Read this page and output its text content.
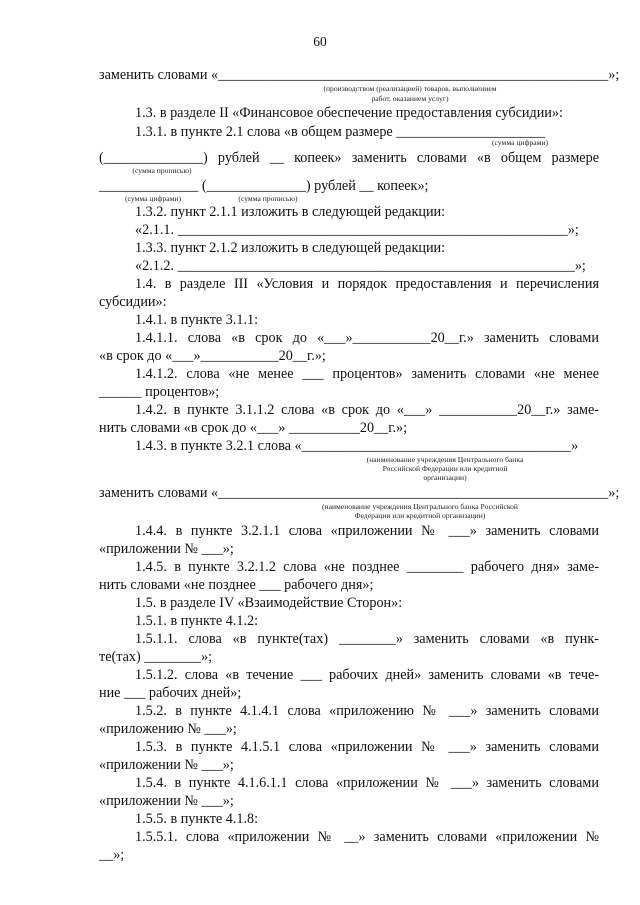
60
заменить словами «_______________________________________________________»;
(производством (реализацией) товаров, выполнением
работ, оказанием услуг)
1.3. в разделе II «Финансовое обеспечение предоставления субсидии»:
1.3.1. в пункте 2.1 слова «в общем размере _____________________
(сумма цифрами)
(______________) рублей __ копеек» заменить словами «в общем размере
(сумма прописью)
______________ (______________) рублей __ копеек»;
(сумма цифрами)	(сумма прописью)
1.3.2. пункт 2.1.1 изложить в следующей редакции:
«2.1.1. _______________________________________________________»;
1.3.3. пункт 2.1.2 изложить в следующей редакции:
«2.1.2. ________________________________________________________»;
1.4. в разделе III «Условия и порядок предоставления и перечисления
субсидии»:
1.4.1. в пункте 3.1.1:
1.4.1.1. слова «в срок до «___»___________20__г.» заменить словами
«в срок до «___»___________20__г.»;
1.4.1.2. слова «не менее ___ процентов» заменить словами «не менее
______ процентов»;
1.4.2. в пункте 3.1.1.2 слова «в срок до «___» ___________20__г.» заме-
нить словами «в срок до «___» __________20__г.»;
1.4.3. в пункте 3.2.1 слова «______________________________________»
(наименование учреждения Центрального банка
Российской Федерации или кредитной
организации)
заменить словами «_______________________________________________________»;
(наименование учреждения Центрального банка Российской
Федерации или кредитной организации)
1.4.4. в пункте 3.2.1.1 слова «приложении № ___» заменить словами
«приложении № ___»;
1.4.5. в пункте 3.2.1.2 слова «не позднее ________ рабочего дня» заме-
нить словами «не позднее ___ рабочего дня»;
1.5. в разделе IV «Взаимодействие Сторон»:
1.5.1. в пункте 4.1.2:
1.5.1.1. слова «в пункте(тах) ________» заменить словами «в пунк-
те(тах) ________»;
1.5.1.2. слова «в течение ___ рабочих дней» заменить словами «в тече-
ние ___ рабочих дней»;
1.5.2. в пункте 4.1.4.1 слова «приложению № ___» заменить словами
«приложению № ___»;
1.5.3. в пункте 4.1.5.1 слова «приложении № ___» заменить словами
«приложении № ___»;
1.5.4. в пункте 4.1.6.1.1 слова «приложении № ___» заменить словами
«приложении № ___»;
1.5.5. в пункте 4.1.8:
1.5.5.1. слова «приложении № __» заменить словами «приложении №
__»;
